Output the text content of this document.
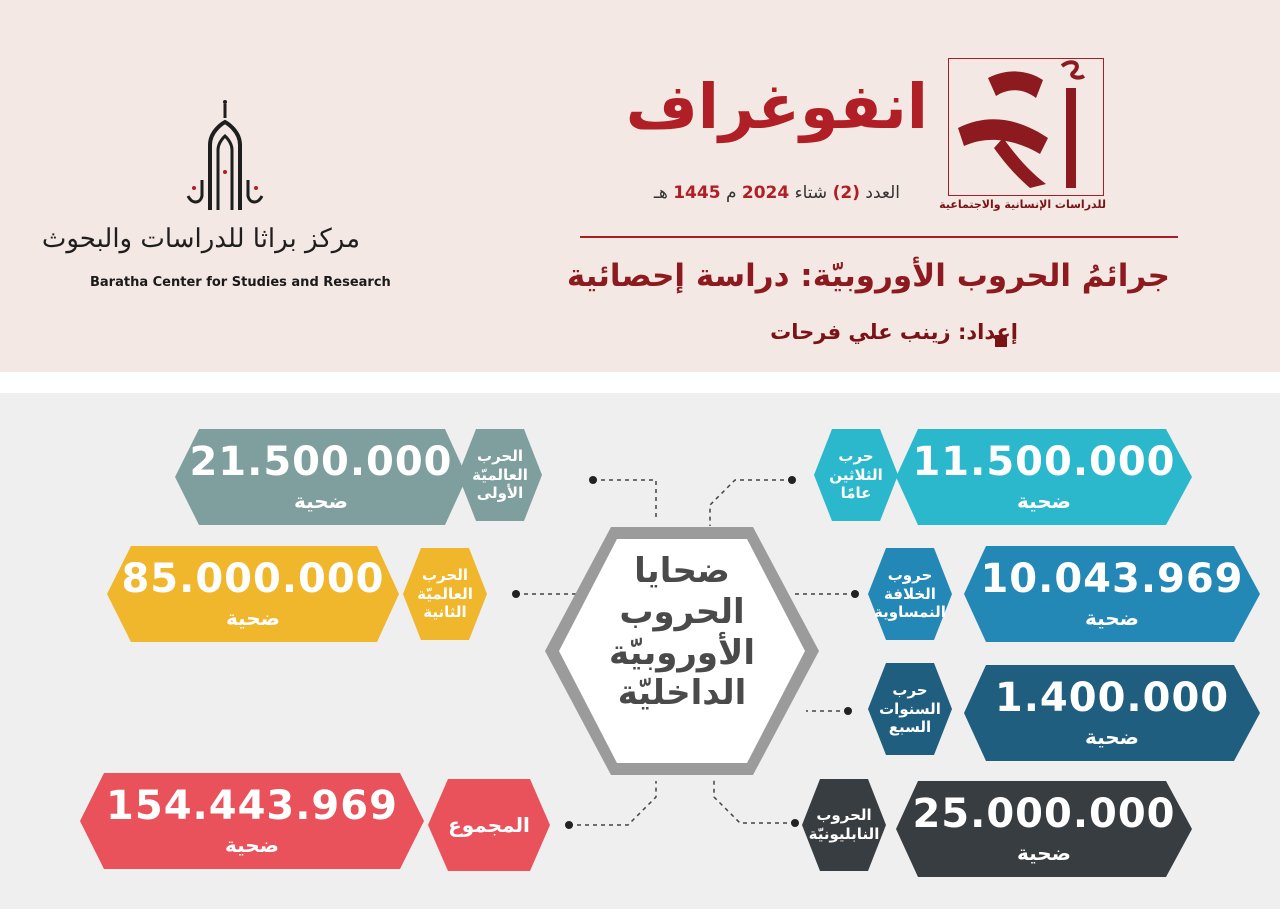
للدراسات الإنسانية والاجتماعية
انفوغراف
العدد (2) شتاء 2024 م 1445 هـ
جرائمُ الحروب الأوروبيّة: دراسة إحصائية
إعداد: زينب علي فرحات
مركز براثا للدراسات والبحوث
Baratha Center for Studies and Research
ضحايا
الحروب
الأوروبيّة
الداخليّة
11.500.000
ضحية
حرب
الثلاثين
عامًا
10.043.969
ضحية
حروب
الخلافة
النمساوية
1.400.000
ضحية
حرب
السنوات
السبع
25.000.000
ضحية
الحروب
النابليونيّة
21.500.000
ضحية
الحرب
العالميّة
الأولى
85.000.000
ضحية
الحرب
العالميّة
الثانية
154.443.969
ضحية
المجموع
